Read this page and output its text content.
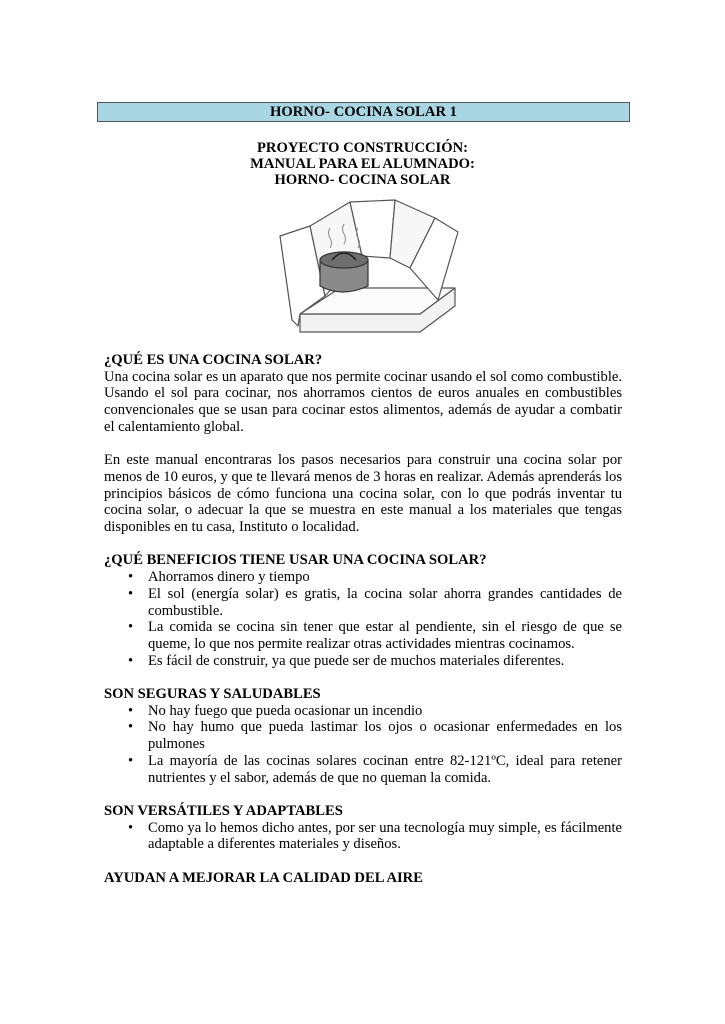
HORNO- COCINA SOLAR 1
PROYECTO CONSTRUCCIÓN:
MANUAL PARA EL ALUMNADO:
HORNO- COCINA SOLAR
¿QUÉ ES UNA COCINA SOLAR?

Una cocina solar es un aparato que nos permite cocinar usando el sol como combustible. Usando el sol para cocinar, nos ahorramos cientos de euros anuales en combustibles convencionales que se usan para cocinar estos alimentos, además de ayudar a combatir el calentamiento global.

En este manual encontraras los pasos necesarios para construir una cocina solar por menos de 10 euros, y que te llevará menos de 3 horas en realizar. Además aprenderás los principios básicos de cómo funciona una cocina solar, con lo que podrás inventar tu cocina solar, o adecuar la que se muestra en este manual a los materiales que tengas disponibles en tu casa, Instituto o localidad.

¿QUÉ BENEFICIOS TIENE USAR UNA COCINA SOLAR?
• Ahorramos dinero y tiempo
• El sol (energía solar) es gratis, la cocina solar ahorra grandes cantidades de combustible.
• La comida se cocina sin tener que estar al pendiente, sin el riesgo de que se queme, lo que nos permite realizar otras actividades mientras cocinamos.
• Es fácil de construir, ya que puede ser de muchos materiales diferentes.
SON SEGURAS Y SALUDABLES
• No hay fuego que pueda ocasionar un incendio
• No hay humo que pueda lastimar los ojos o ocasionar enfermedades en los pulmones
• La mayoría de las cocinas solares cocinan entre 82-121ºC, ideal para retener nutrientes y el sabor, además de que no queman la comida.
SON VERSÁTILES Y ADAPTABLES
• Como ya lo hemos dicho antes, por ser una tecnología muy simple, es fácilmente adaptable a diferentes materiales y diseños.
AYUDAN A MEJORAR LA CALIDAD DEL AIRE
